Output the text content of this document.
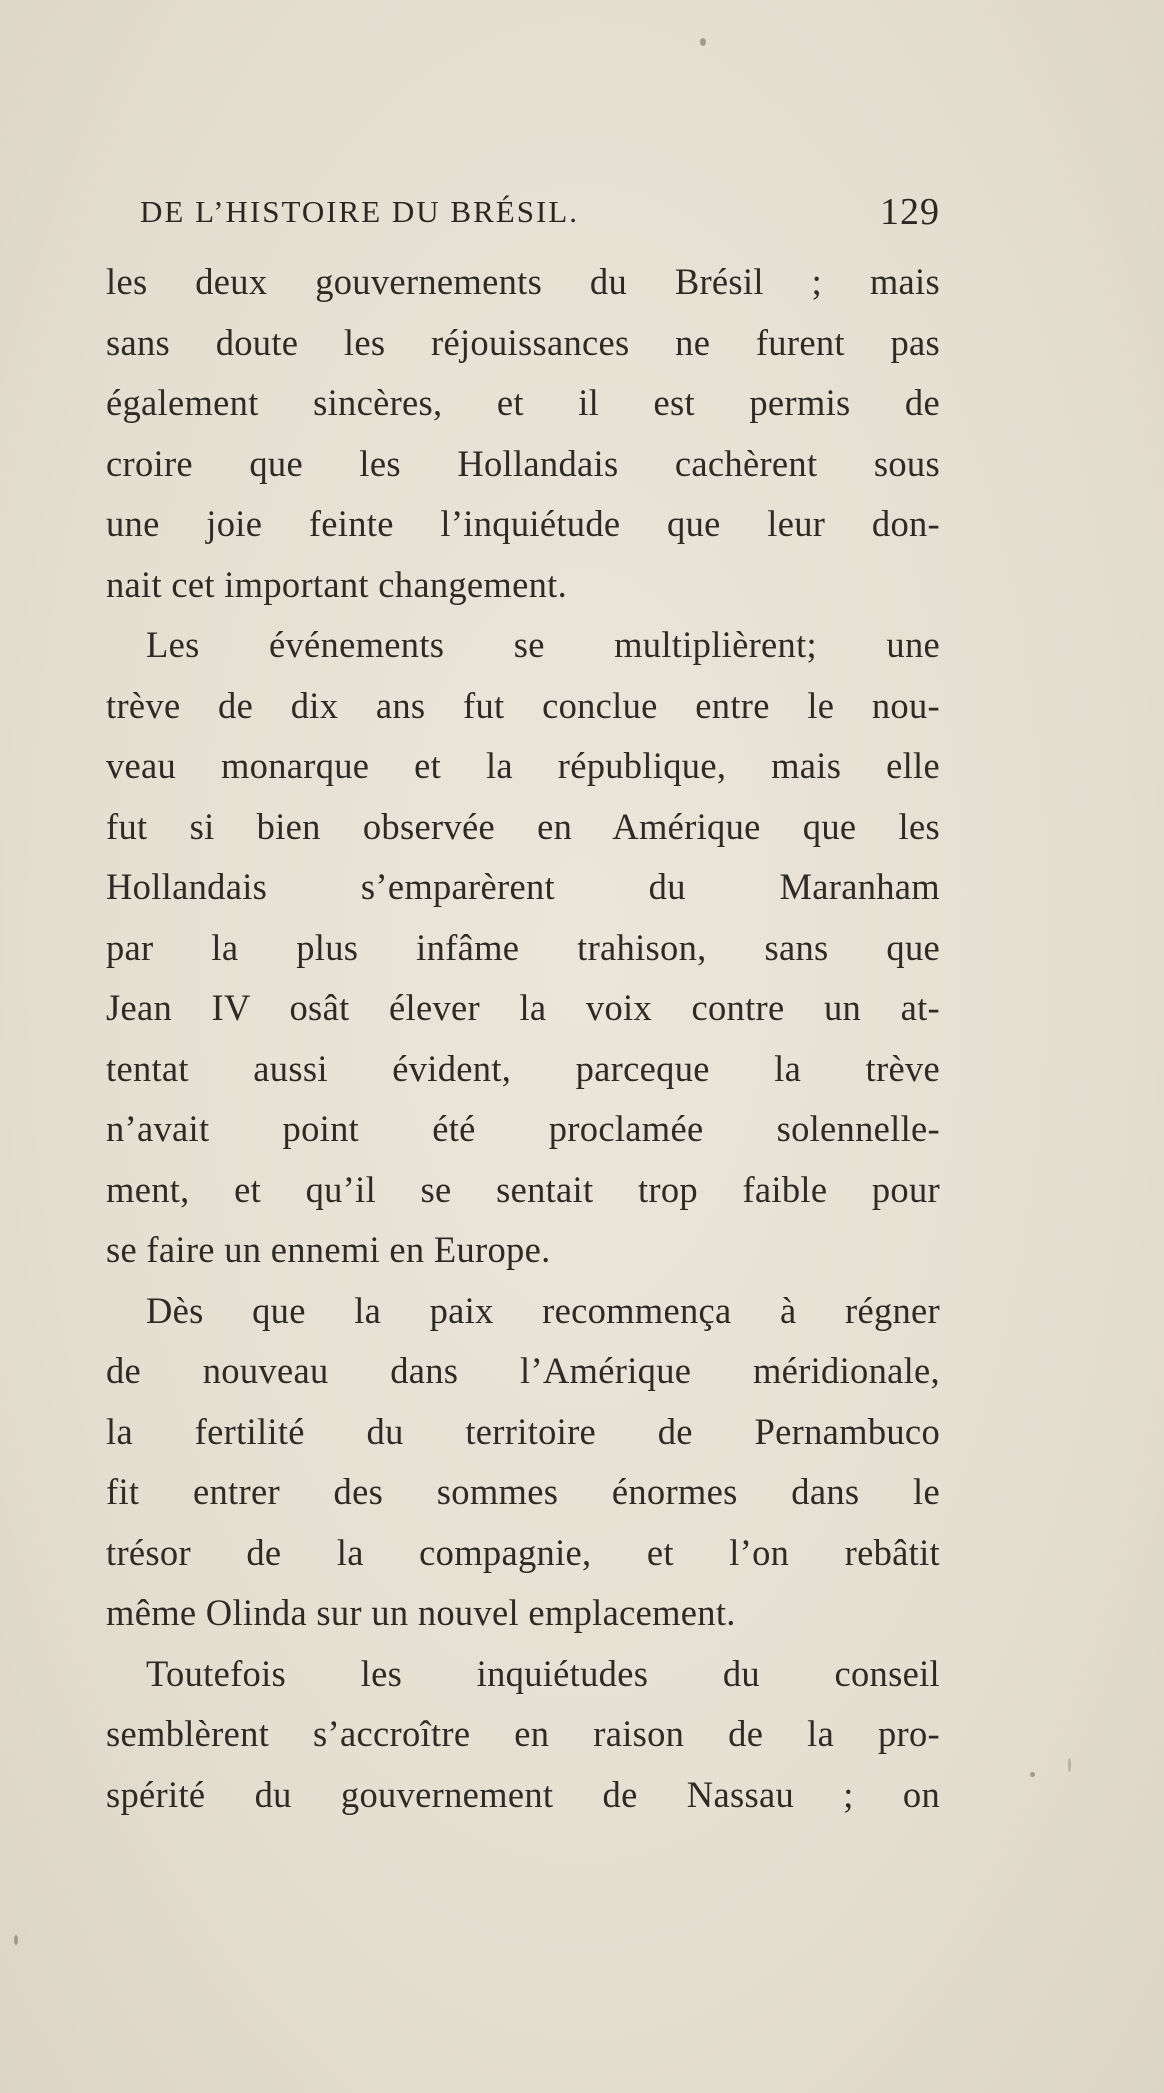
DE L’HISTOIRE DU BRÉSIL.	129
les deux gouvernements du Brésil ; mais
sans doute les réjouissances ne furent pas
également sincères, et il est permis de
croire que les Hollandais cachèrent sous
une joie feinte l’inquiétude que leur don-
nait cet important changement.
Les événements se multiplièrent; une
trève de dix ans fut conclue entre le nou-
veau monarque et la république, mais elle
fut si bien observée en Amérique que les
Hollandais s’emparèrent du Maranham
par la plus infâme trahison, sans que
Jean IV osât élever la voix contre un at-
tentat aussi évident, parceque la trève
n’avait point été proclamée solennelle-
ment, et qu’il se sentait trop faible pour
se faire un ennemi en Europe.
Dès que la paix recommença à régner
de nouveau dans l’Amérique méridionale,
la fertilité du territoire de Pernambuco
fit entrer des sommes énormes dans le
trésor de la compagnie, et l’on rebâtit
même Olinda sur un nouvel emplacement.
Toutefois les inquiétudes du conseil
semblèrent s’accroître en raison de la pro-
spérité du gouvernement de Nassau ; on
